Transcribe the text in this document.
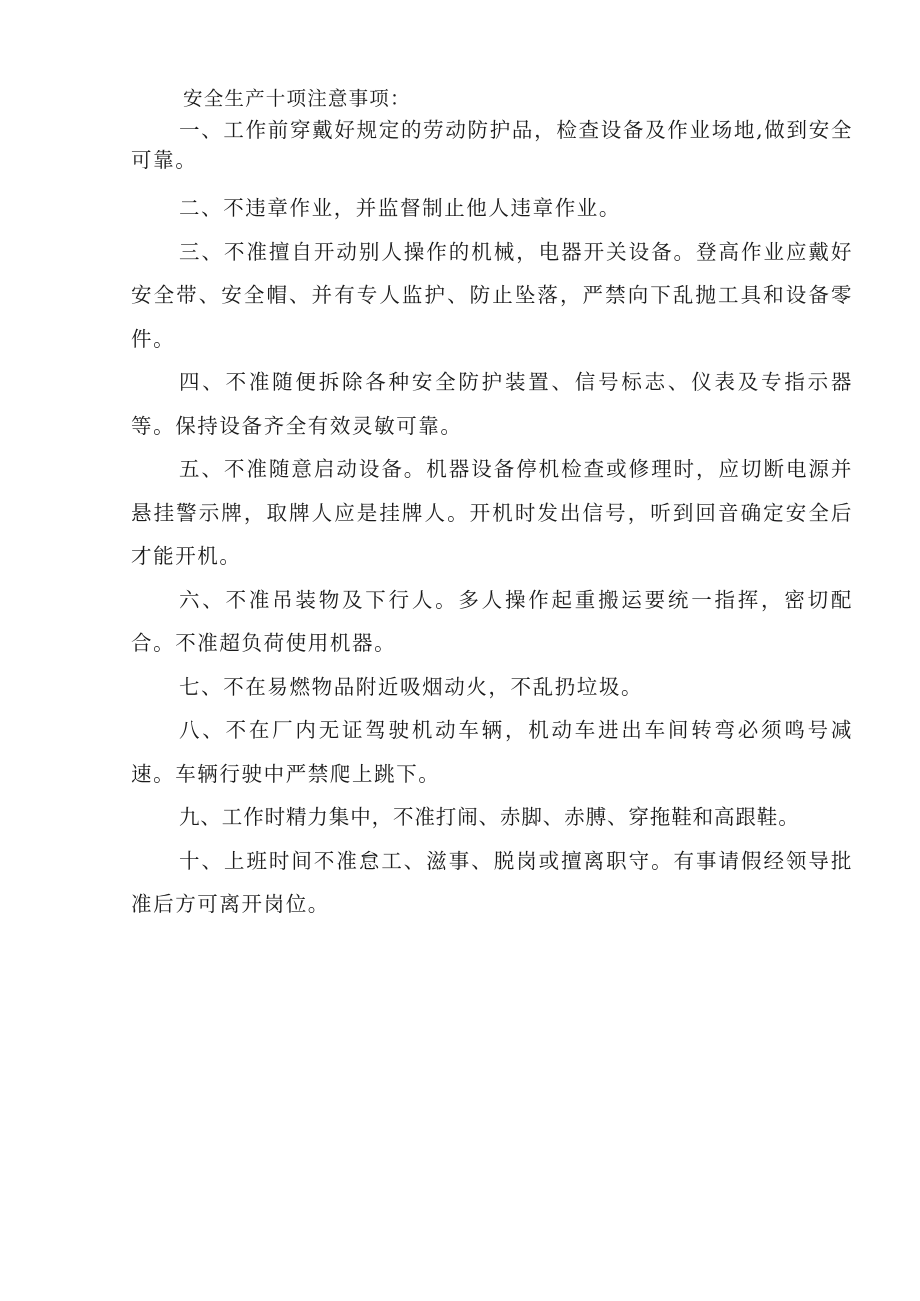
安全生产十项注意事项：

一、工作前穿戴好规定的劳动防护品，检查设备及作业场地,做到安全可靠。

二、不违章作业，并监督制止他人违章作业。

三、不准擅自开动别人操作的机械，电器开关设备。登高作业应戴好安全带、安全帽、并有专人监护、防止坠落，严禁向下乱抛工具和设备零件。

四、不准随便拆除各种安全防护装置、信号标志、仪表及专指示器等。保持设备齐全有效灵敏可靠。

五、不准随意启动设备。机器设备停机检查或修理时，应切断电源并悬挂警示牌，取牌人应是挂牌人。开机时发出信号，听到回音确定安全后才能开机。

六、不准吊装物及下行人。多人操作起重搬运要统一指挥，密切配合。不准超负荷使用机器。

七、不在易燃物品附近吸烟动火，不乱扔垃圾。

八、不在厂内无证驾驶机动车辆，机动车进出车间转弯必须鸣号减速。车辆行驶中严禁爬上跳下。

九、工作时精力集中，不准打闹、赤脚、赤膊、穿拖鞋和高跟鞋。

十、上班时间不准怠工、滋事、脱岗或擅离职守。有事请假经领导批准后方可离开岗位。
